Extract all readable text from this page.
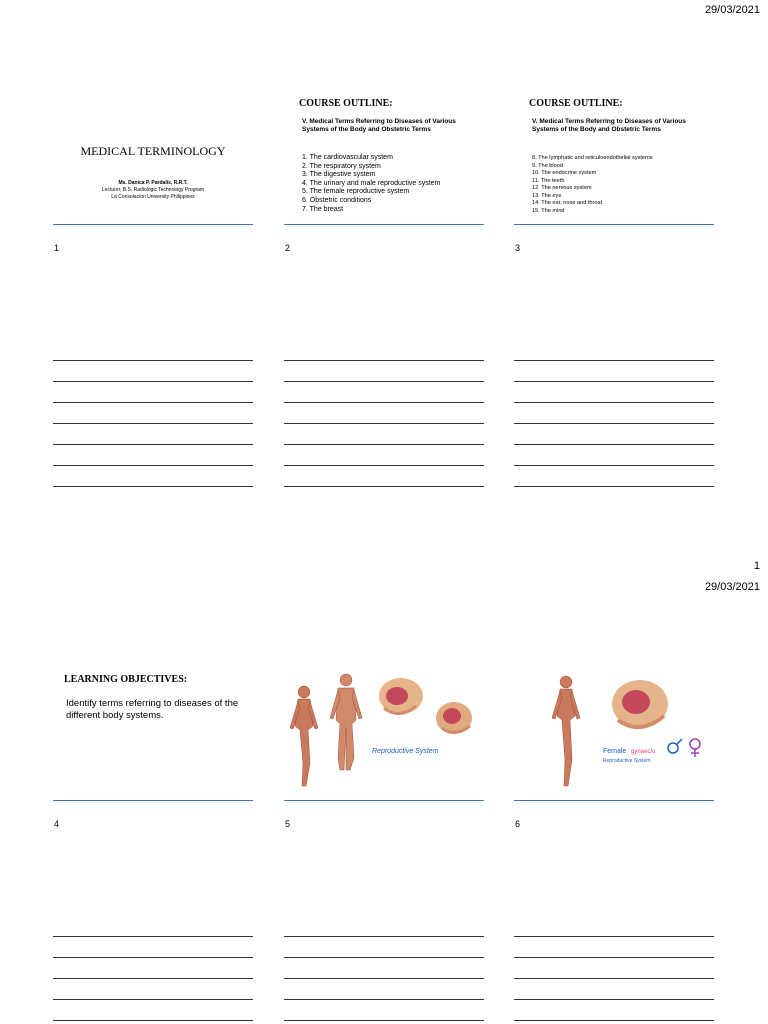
29/03/2021
MEDICAL TERMINOLOGY
Ms. Danica P. Pardalis, R.R.T.
Lecturer, B.S. Radiologic Technology Program
La Consolacion University Philippines
1
COURSE OUTLINE:
V. Medical Terms Referring to Diseases of Various Systems of the Body and Obstetric Terms
1. The cardiovascular system
2. The respiratory system
3. The digestive system
4. The urinary and male reproductive system
5. The female reproductive system
6. Obstetric conditions
7. The breast
2
COURSE OUTLINE:
V. Medical Terms Referring to Diseases of Various Systems of the Body and Obstetric Terms
8. The lymphatic and reticuloendothelial systems
9. The blood
10. The endocrine system
11. The teeth
12. The nervous system
13. The eye
14. The ear, nose and throat
15. The mind
3
1
29/03/2021
LEARNING OBJECTIVES:
Identify terms referring to diseases of the different body systems.
4
Reproductive System
5
Female gynaec/o
Reproductive System
6
